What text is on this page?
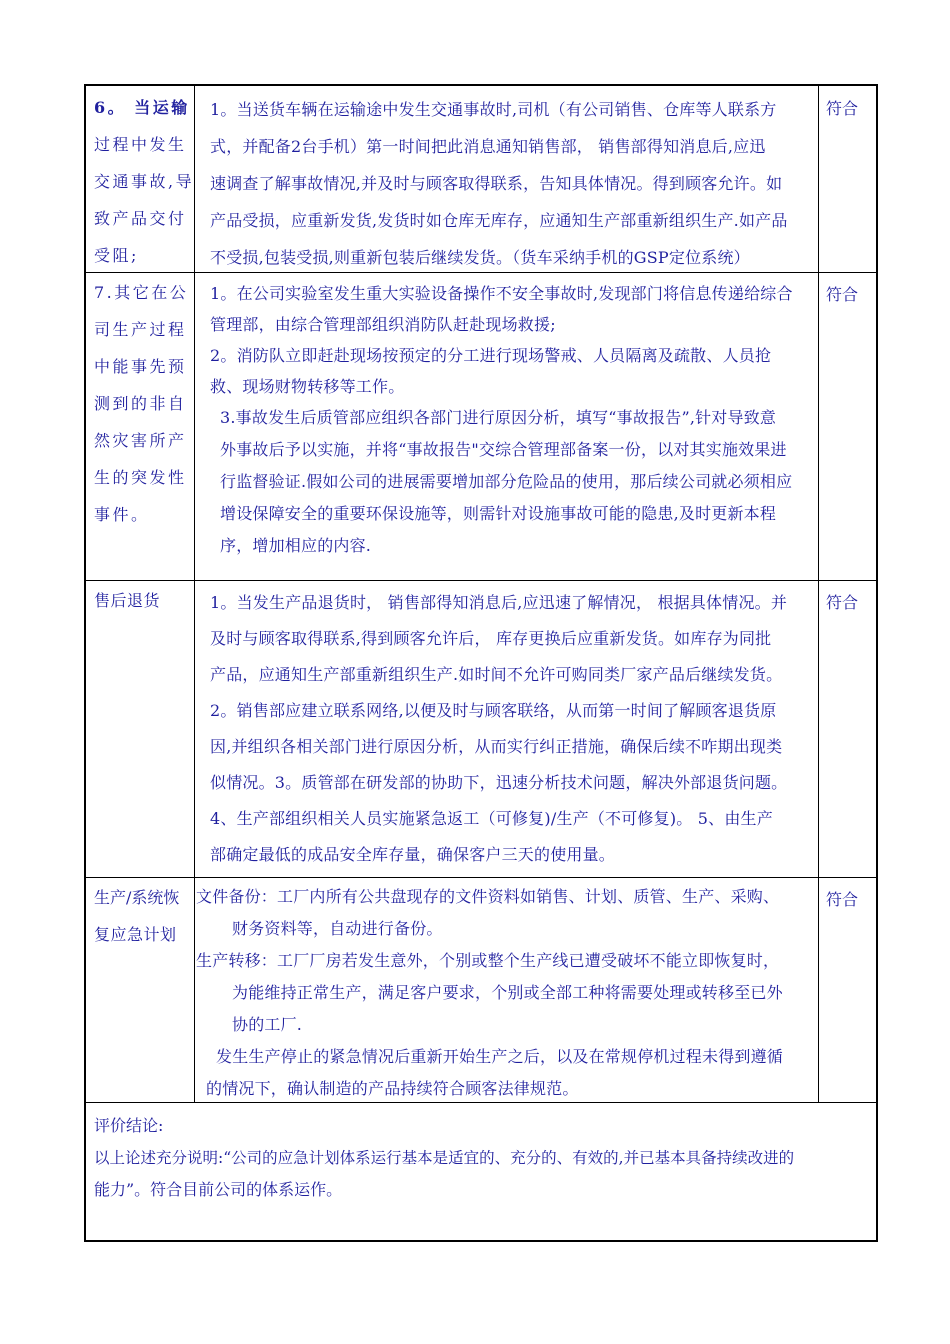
6。 当运输
过程中发生
交通事故,导
致产品交付
受阻;
1。当送货车辆在运输途中发生交通事故时,司机（有公司销售、仓库等人联系方
式，并配备2台手机）第一时间把此消息通知销售部， 销售部得知消息后,应迅
速调查了解事故情况,并及时与顾客取得联系，告知具体情况。得到顾客允许。如
产品受损，应重新发货,发货时如仓库无库存，应通知生产部重新组织生产.如产品
不受损,包装受损,则重新包装后继续发货。（货车采纳手机的GSP定位系统）
符合
7.其它在公
司生产过程
中能事先预
测到的非自
然灾害所产
生的突发性
事件。
1。在公司实验室发生重大实验设备操作不安全事故时,发现部门将信息传递给综合
管理部，由综合管理部组织消防队赶赴现场救援;
2。消防队立即赶赴现场按预定的分工进行现场警戒、人员隔离及疏散、人员抢
救、现场财物转移等工作。
3.事故发生后质管部应组织各部门进行原因分析，填写“事故报告”,针对导致意
外事故后予以实施，并将“事故报告"交综合管理部备案一份，以对其实施效果进
行监督验证.假如公司的进展需要增加部分危险品的使用，那后续公司就必须相应
增设保障安全的重要环保设施等，则需针对设施事故可能的隐患,及时更新本程
序，增加相应的内容.
符合
售后退货	1。当发生产品退货时， 销售部得知消息后,应迅速了解情况， 根据具体情况。并
及时与顾客取得联系,得到顾客允许后， 库存更换后应重新发货。如库存为同批
产品，应通知生产部重新组织生产.如时间不允许可购同类厂家产品后继续发货。
2。销售部应建立联系网络,以便及时与顾客联络，从而第一时间了解顾客退货原
因,并组织各相关部门进行原因分析，从而实行纠正措施，确保后续不咋期出现类
似情况。3。质管部在研发部的协助下，迅速分析技术问题，解决外部退货问题。
4、生产部组织相关人员实施紧急返工（可修复)/生产（不可修复)。 5、由生产
部确定最低的成品安全库存量，确保客户三天的使用量。
符合
生产/系统恢
复应急计划
文件备份：工厂内所有公共盘现存的文件资料如销售、计划、质管、生产、采购、
财务资料等，自动进行备份。
生产转移：工厂厂房若发生意外，个别或整个生产线已遭受破坏不能立即恢复时，
为能维持正常生产，满足客户要求，个别或全部工种将需要处理或转移至已外
协的工厂.
发生生产停止的紧急情况后重新开始生产之后，以及在常规停机过程未得到遵循
的情况下，确认制造的产品持续符合顾客法律规范。
符合
评价结论:
以上论述充分说明:“公司的应急计划体系运行基本是适宜的、充分的、有效的,并已基本具备持续改进的
能力”。符合目前公司的体系运作。
